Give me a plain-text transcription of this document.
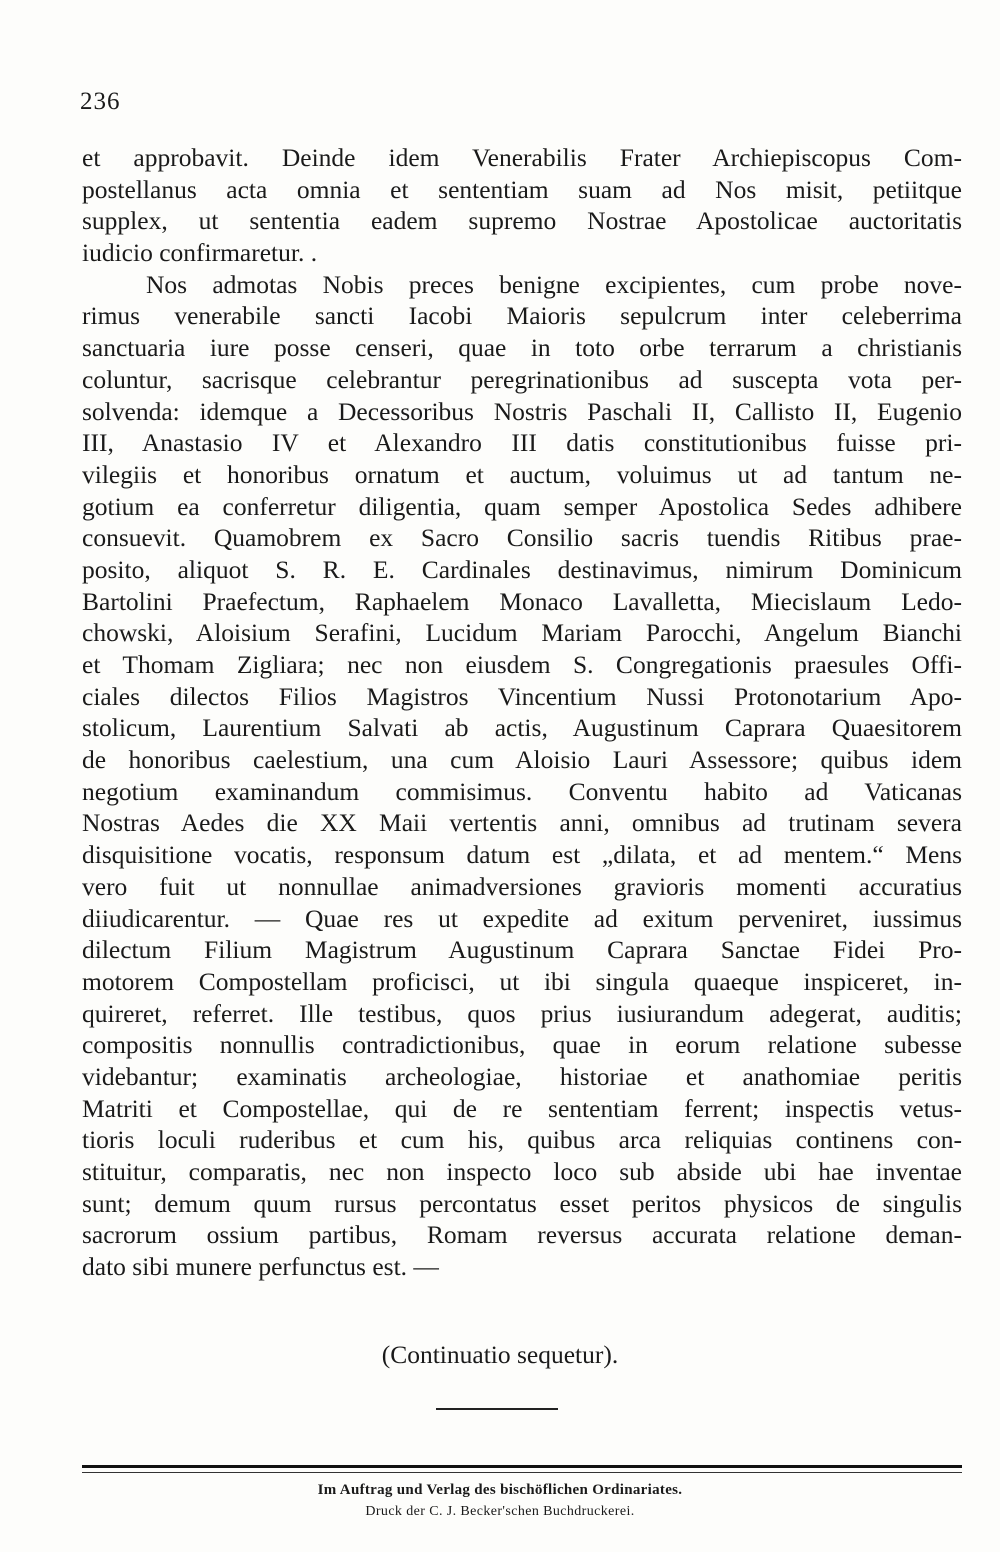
236
et approbavit. Deinde idem Venerabilis Frater Archiepiscopus Com-
postellanus acta omnia et sententiam suam ad Nos misit, petiitque
supplex, ut sententia eadem supremo Nostrae Apostolicae auctoritatis
iudicio confirmaretur. .
Nos admotas Nobis preces benigne excipientes, cum probe nove-
rimus venerabile sancti Iacobi Maioris sepulcrum inter celeberrima
sanctuaria iure posse censeri, quae in toto orbe terrarum a christianis
coluntur, sacrisque celebrantur peregrinationibus ad suscepta vota per-
solvenda: idemque a Decessoribus Nostris Paschali II, Callisto II, Eugenio
III, Anastasio IV et Alexandro III datis constitutionibus fuisse pri-
vilegiis et honoribus ornatum et auctum, voluimus ut ad tantum ne-
gotium ea conferretur diligentia, quam semper Apostolica Sedes adhibere
consuevit. Quamobrem ex Sacro Consilio sacris tuendis Ritibus prae-
posito, aliquot S. R. E. Cardinales destinavimus, nimirum Dominicum
Bartolini Praefectum, Raphaelem Monaco Lavalletta, Miecislaum Ledo-
chowski, Aloisium Serafini, Lucidum Mariam Parocchi, Angelum Bianchi
et Thomam Zigliara; nec non eiusdem S. Congregationis praesules Offi-
ciales dilectos Filios Magistros Vincentium Nussi Protonotarium Apo-
stolicum, Laurentium Salvati ab actis, Augustinum Caprara Quaesitorem
de honoribus caelestium, una cum Aloisio Lauri Assessore; quibus idem
negotium examinandum commisimus. Conventu habito ad Vaticanas
Nostras Aedes die XX Maii vertentis anni, omnibus ad trutinam severa
disquisitione vocatis, responsum datum est „dilata, et ad mentem.“ Mens
vero fuit ut nonnullae animadversiones gravioris momenti accuratius
diiudicarentur. — Quae res ut expedite ad exitum perveniret, iussimus
dilectum Filium Magistrum Augustinum Caprara Sanctae Fidei Pro-
motorem Compostellam proficisci, ut ibi singula quaeque inspiceret, in-
quireret, referret. Ille testibus, quos prius iusiurandum adegerat, auditis;
compositis nonnullis contradictionibus, quae in eorum relatione subesse
videbantur; examinatis archeologiae, historiae et anathomiae peritis
Matriti et Compostellae, qui de re sententiam ferrent; inspectis vetus-
tioris loculi ruderibus et cum his, quibus arca reliquias continens con-
stituitur, comparatis, nec non inspecto loco sub abside ubi hae inventae
sunt; demum quum rursus percontatus esset peritos physicos de singulis
sacrorum ossium partibus, Romam reversus accurata relatione deman-
dato sibi munere perfunctus est. —
(Continuatio sequetur).
Im Auftrag und Verlag des bischöflichen Ordinariates.
Druck der C. J. Becker'schen Buchdruckerei.
